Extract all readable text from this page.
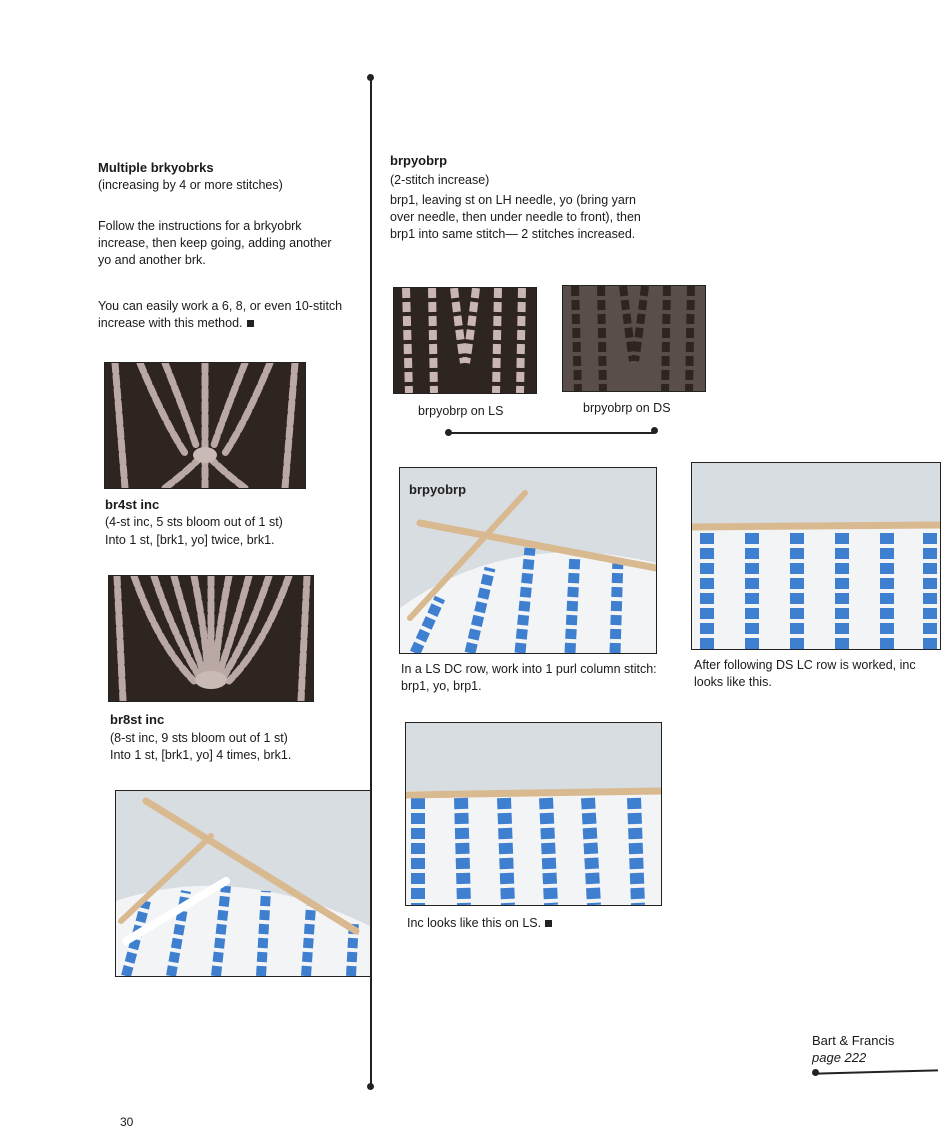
Multiple brkyobrks
(increasing by 4 or more stitches)
Follow the instructions for a brkyobrk increase, then keep going, adding another yo and another brk.
You can easily work a 6, 8, or even 10-stitch increase with this method.
br4st inc
(4-st inc, 5 sts bloom out of 1 st)
Into 1 st, [brk1, yo] twice, brk1.
br8st inc
(8-st inc, 9 sts bloom out of 1 st)
Into 1 st, [brk1, yo] 4 times, brk1.
brpyobrp
(2-stitch increase)
brp1, leaving st on LH needle, yo (bring yarn over needle, then under needle to front), then brp1 into same stitch— 2 stitches increased.
brpyobrp on LS	brpyobrp on DS
brpyobrp
In a LS DC row, work into 1 purl column stitch: brp1, yo, brp1.
After following DS LC row is worked, inc looks like this.
Inc looks like this on LS.
Bart & Francis
page 222
30
